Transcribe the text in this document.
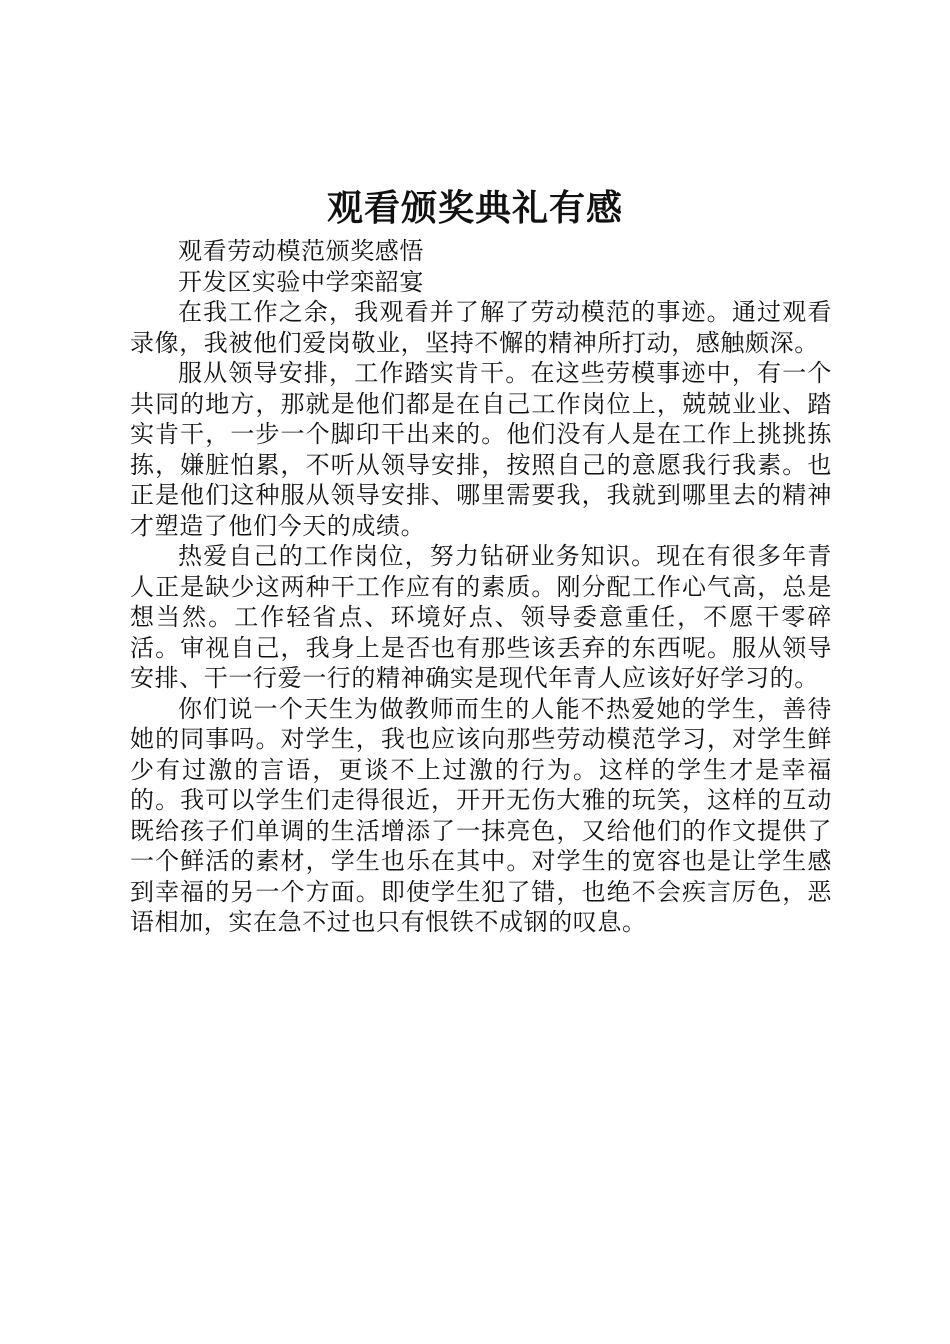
观看颁奖典礼有感

观看劳动模范颁奖感悟

开发区实验中学栾韶宴

在我工作之余，我观看并了解了劳动模范的事迹。通过观看录像，我被他们爱岗敬业，坚持不懈的精神所打动，感触颇深。

服从领导安排，工作踏实肯干。在这些劳模事迹中，有一个共同的地方，那就是他们都是在自己工作岗位上，兢兢业业、踏实肯干，一步一个脚印干出来的。他们没有人是在工作上挑挑拣拣，嫌脏怕累，不听从领导安排，按照自己的意愿我行我素。也正是他们这种服从领导安排、哪里需要我，我就到哪里去的精神才塑造了他们今天的成绩。

热爱自己的工作岗位，努力钻研业务知识。现在有很多年青人正是缺少这两种干工作应有的素质。刚分配工作心气高，总是想当然。工作轻省点、环境好点、领导委意重任，不愿干零碎活。审视自己，我身上是否也有那些该丢弃的东西呢。服从领导安排、干一行爱一行的精神确实是现代年青人应该好好学习的。

你们说一个天生为做教师而生的人能不热爱她的学生，善待她的同事吗。对学生，我也应该向那些劳动模范学习，对学生鲜少有过激的言语，更谈不上过激的行为。这样的学生才是幸福的。我可以学生们走得很近，开开无伤大雅的玩笑，这样的互动既给孩子们单调的生活增添了一抹亮色，又给他们的作文提供了一个鲜活的素材，学生也乐在其中。对学生的宽容也是让学生感到幸福的另一个方面。即使学生犯了错，也绝不会疾言厉色，恶语相加，实在急不过也只有恨铁不成钢的叹息。
